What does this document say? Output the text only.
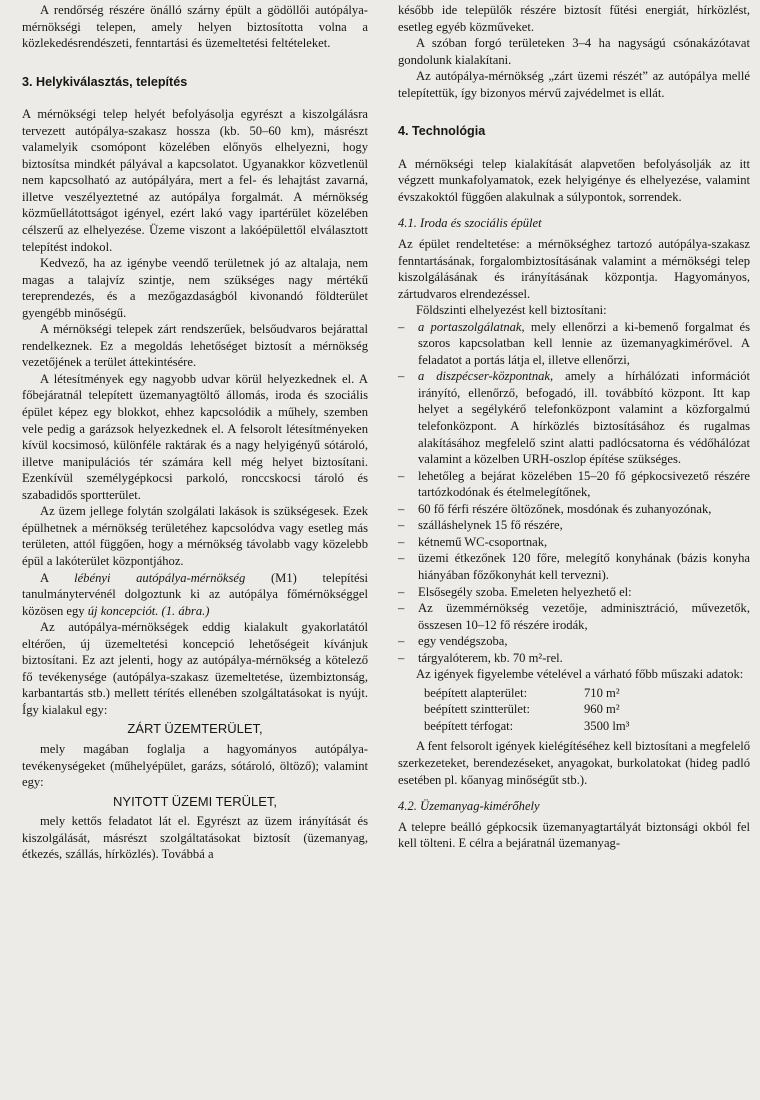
A rendőrség részére önálló szárny épült a gödöllői autópálya-mérnökségi telepen, amely helyen biztosította volna a közlekedésrendészeti, fenntartási és üzemeltetési feltételeket.

3. Helykiválasztás, telepítés

A mérnökségi telep helyét befolyásolja egyrészt a kiszolgálásra tervezett autópálya-szakasz hossza (kb. 50–60 km), másrészt valamelyik csomópont közelében előnyös elhelyezni, hogy biztosítsa mindkét pályával a kapcsolatot. Ugyanakkor közvetlenül nem kapcsolható az autópályára, mert a fel- és lehajtást zavarná, illetve veszélyeztetné az autópálya forgalmát. A mérnökség közműellátottságot igényel, ezért lakó vagy ipartérület közelében célszerű az elhelyezése. Üzeme viszont a lakóépülettől elválasztott telepítést indokol.

Kedvező, ha az igénybe veendő területnek jó az altalaja, nem magas a talajvíz szintje, nem szükséges nagy mértékű tereprendezés, és a mezőgazdaságból kivonandó földterület gyengébb minőségű.

A mérnökségi telepek zárt rendszerűek, belsőudvaros bejárattal rendelkeznek. Ez a megoldás lehetőséget biztosít a mérnökség vezetőjének a terület áttekintésére.

A létesítmények egy nagyobb udvar körül helyezkednek el. A főbejáratnál telepített üzemanyagtöltő állomás, iroda és szociális épület képez egy blokkot, ehhez kapcsolódik a műhely, szemben vele pedig a garázsok helyezkednek el. A felsorolt létesítményeken kívül kocsimosó, különféle raktárak és a nagy helyigényű sótároló, illetve manipulációs tér számára kell még helyet biztosítani. Ezenkívül személygépkocsi parkoló, ronccskocsi tároló és szabadidős sportterület.

Az üzem jellege folytán szolgálati lakások is szükségesek. Ezek épülhetnek a mérnökség területéhez kapcsolódva vagy esetleg más területen, attól függően, hogy a mérnökség távolabb vagy közelebb épül a lakóterület központjához.

A lébényi autópálya-mérnökség (M1) telepítési tanulmánytervénél dolgoztunk ki az autópálya főmérnökséggel közösen egy új koncepciót. (1. ábra.)

Az autópálya-mérnökségek eddig kialakult gyakorlatától eltérően, új üzemeltetési koncepció lehetőségeit kívánjuk biztosítani. Ez azt jelenti, hogy az autópálya-mérnökség a kötelező fő tevékenysége (autópálya-szakasz üzemeltetése, üzembiztonság, karbantartás stb.) mellett térítés ellenében szolgáltatásokat is nyújt. Így kialakul egy:

ZÁRT ÜZEMTERÜLET,

mely magában foglalja a hagyományos autópálya-tevékenységeket (műhelyépület, garázs, sótároló, öltöző); valamint egy:

NYITOTT ÜZEMI TERÜLET,

mely kettős feladatot lát el. Egyrészt az üzem irányítását és kiszolgálását, másrészt szolgáltatásokat biztosít (üzemanyag, étkezés, szállás, hírközlés). Továbbá a

később ide települők részére biztosít fűtési energiát, hírközlést, esetleg egyéb közműveket.

A szóban forgó területeken 3–4 ha nagyságú csónakázótavat gondolunk kialakítani.

Az autópálya-mérnökség „zárt üzemi részét” az autópálya mellé telepítettük, így bizonyos mérvű zajvédelmet is ellát.

4. Technológia

A mérnökségi telep kialakítását alapvetően befolyásolják az itt végzett munkafolyamatok, ezek helyigénye és elhelyezése, valamint évszakoktól függően alakulnak a súlypontok, sorrendek.

4.1. Iroda és szociális épület

Az épület rendeltetése: a mérnökséghez tartozó autópálya-szakasz fenntartásának, forgalombiztosításának valamint a mérnökségi telep kiszolgálásának és irányításának központja. Hagyományos, zártudvaros elrendezéssel.

Földszinti elhelyezést kell biztosítani:

– a portaszolgálatnak, mely ellenőrzi a ki-bemenő forgalmat és szoros kapcsolatban kell lennie az üzemanyagkimérővel. A feladatot a portás látja el, illetve ellenőrzi,
– a diszpécser-központnak, amely a hírhálózati információt irányító, ellenőrző, befogadó, ill. továbbító központ. Itt kap helyet a segélykérő telefonközpont valamint a közforgalmú telefonközpont. A hírközlés biztosításához és rugalmas alakításához megfelelő szint alatti padlócsatorna és védőhálózat valamint a közelben URH-oszlop építése szükséges.
– lehetőleg a bejárat közelében 15–20 fő gépkocsivezető részére tartózkodónak és ételmelegítőnek,
– 60 fő férfi részére öltözőnek, mosdónak és zuhanyozónak,
– szálláshelynek 15 fő részére,
– kétnemű WC-csoportnak,
– üzemi étkezőnek 120 főre, melegítő konyhának (bázis konyha hiányában főzőkonyhát kell tervezni).
– Elsősegély szoba. Emeleten helyezhető el:
– Az üzemmérnökség vezetője, adminisztráció, művezetők, összesen 10–12 fő részére irodák,
– egy vendégszoba,
– tárgyalóterem, kb. 70 m²-rel.

Az igények figyelembe vételével a várható főbb műszaki adatok:

beépített alapterület:	710 m²
beépített szintterület:	960 m²
beépített térfogat:	3500 lm³

A fent felsorolt igények kielégítéséhez kell biztosítani a megfelelő szerkezeteket, berendezéseket, anyagokat, burkolatokat (hideg padló esetében pl. kőanyag minőségűt stb.).

4.2. Üzemanyag-kimérőhely

A telepre beálló gépkocsik üzemanyagtartályát biztonsági okból fel kell tölteni. E célra a bejáratnál üzemanyag-
